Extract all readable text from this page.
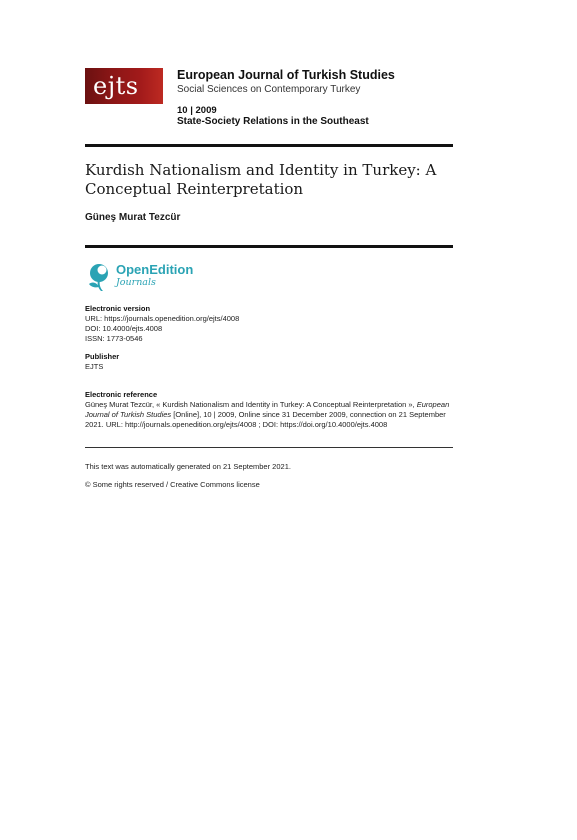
ejts	European Journal of Turkish Studies
Social Sciences on Contemporary Turkey
10 | 2009
State-Society Relations in the Southeast
Kurdish Nationalism and Identity in Turkey: A Conceptual Reinterpretation
Güneş Murat Tezcür
OpenEdition
Journals
Electronic version
URL: https://journals.openedition.org/ejts/4008
DOI: 10.4000/ejts.4008
ISSN: 1773-0546
Publisher
EJTS
Electronic reference
Güneş Murat Tezcür, « Kurdish Nationalism and Identity in Turkey: A Conceptual Reinterpretation », European Journal of Turkish Studies [Online], 10 | 2009, Online since 31 December 2009, connection on 21 September 2021. URL: http://journals.openedition.org/ejts/4008 ; DOI: https://doi.org/10.4000/ejts.4008
This text was automatically generated on 21 September 2021.
© Some rights reserved / Creative Commons license
